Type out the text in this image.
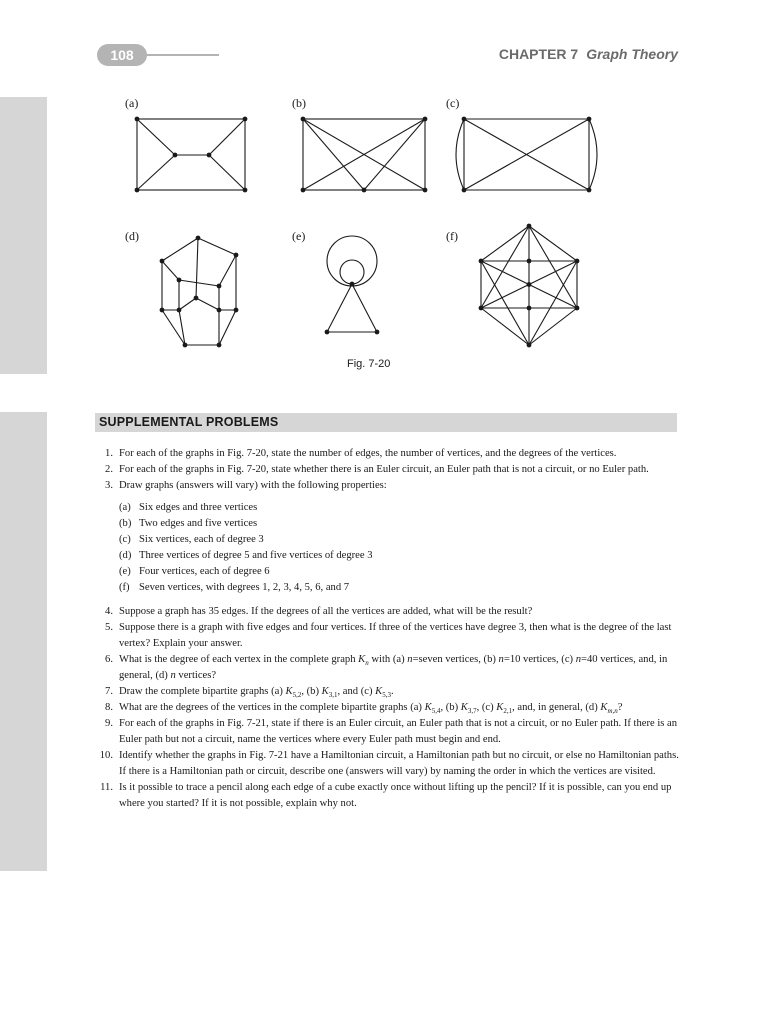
108	CHAPTER 7 Graph Theory
(a)	(b)	(c)
(d)	(e)	(f)
Fig. 7-20
SUPPLEMENTAL PROBLEMS
1. For each of the graphs in Fig. 7-20, state the number of edges, the number of vertices, and the degrees of the vertices.
2. For each of the graphs in Fig. 7-20, state whether there is an Euler circuit, an Euler path that is not a circuit, or no Euler path.
3. Draw graphs (answers will vary) with the following properties:
(a) Six edges and three vertices
(b) Two edges and five vertices
(c) Six vertices, each of degree 3
(d) Three vertices of degree 5 and five vertices of degree 3
(e) Four vertices, each of degree 6
(f) Seven vertices, with degrees 1, 2, 3, 4, 5, 6, and 7
4. Suppose a graph has 35 edges. If the degrees of all the vertices are added, what will be the result?
5. Suppose there is a graph with five edges and four vertices. If three of the vertices have degree 3, then what is the degree of the last vertex? Explain your answer.
6. What is the degree of each vertex in the complete graph $K_n$ with (a) n=seven vertices, (b) n=10 vertices, (c) n=40 vertices, and, in general, (d) n vertices?
7. Draw the complete bipartite graphs (a) $K_{5,2}$, (b) $K_{3,1}$, and (c) $K_{5,3}$.
8. What are the degrees of the vertices in the complete bipartite graphs (a) $K_{5,4}$, (b) $K_{3,7}$, (c) $K_{2,1}$, and, in general, (d) $K_{m,n}$?
9. For each of the graphs in Fig. 7-21, state if there is an Euler circuit, an Euler path that is not a circuit, or no Euler path. If there is an Euler path but not a circuit, name the vertices where every Euler path must begin and end.
10. Identify whether the graphs in Fig. 7-21 have a Hamiltonian circuit, a Hamiltonian path but no circuit, or else no Hamiltonian paths. If there is a Hamiltonian path or circuit, describe one (answers will vary) by naming the order in which the vertices are visited.
11. Is it possible to trace a pencil along each edge of a cube exactly once without lifting up the pencil? If it is possible, can you end up where you started? If it is not possible, explain why not.
